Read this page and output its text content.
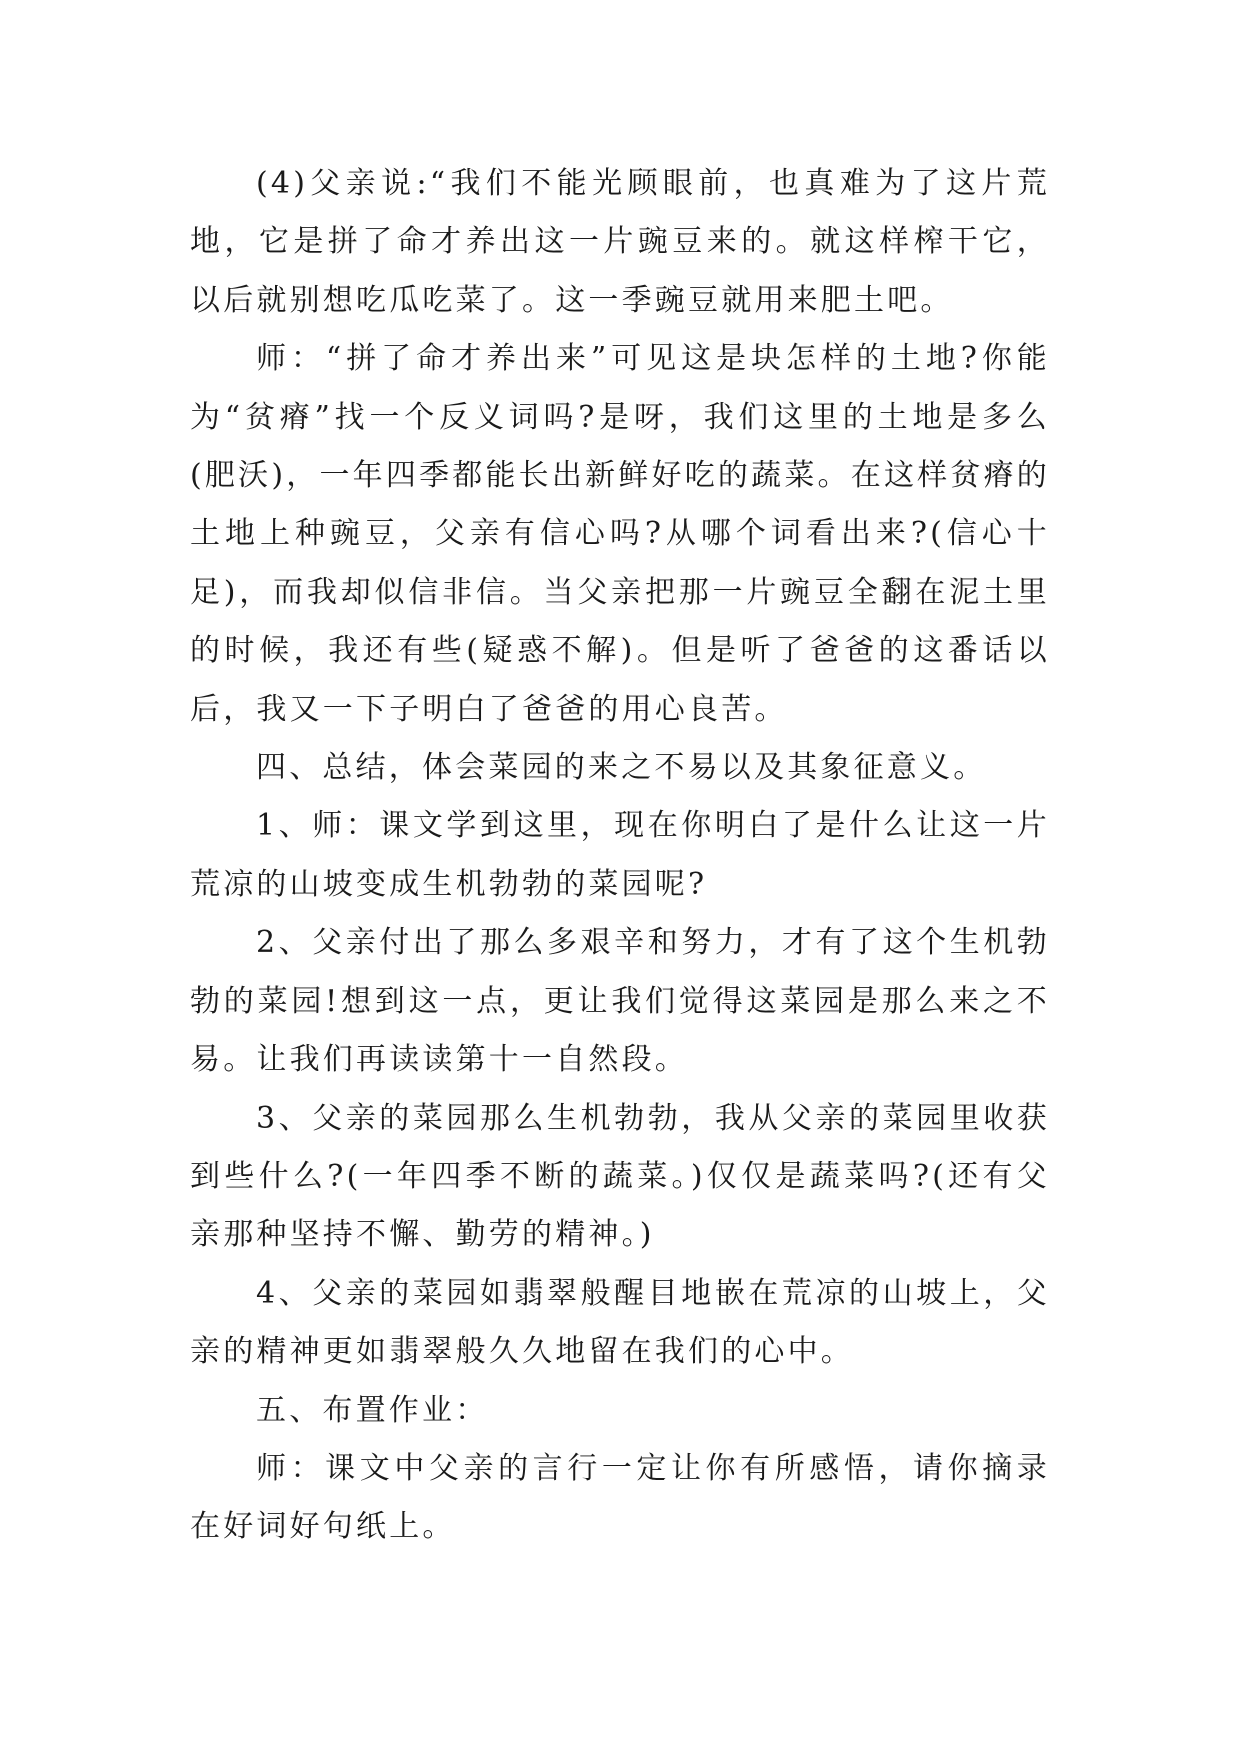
(4)父亲说:“我们不能光顾眼前，也真难为了这片荒地，它是拼了命才养出这一片豌豆来的。就这样榨干它，以后就别想吃瓜吃菜了。这一季豌豆就用来肥土吧。

师：“拼了命才养出来”可见这是块怎样的土地?你能为“贫瘠”找一个反义词吗?是呀，我们这里的土地是多么(肥沃)，一年四季都能长出新鲜好吃的蔬菜。在这样贫瘠的土地上种豌豆，父亲有信心吗?从哪个词看出来?(信心十足)，而我却似信非信。当父亲把那一片豌豆全翻在泥土里的时候，我还有些(疑惑不解)。但是听了爸爸的这番话以后，我又一下子明白了爸爸的用心良苦。

四、总结，体会菜园的来之不易以及其象征意义。

1、师：课文学到这里，现在你明白了是什么让这一片荒凉的山坡变成生机勃勃的菜园呢?

2、父亲付出了那么多艰辛和努力，才有了这个生机勃勃的菜园!想到这一点，更让我们觉得这菜园是那么来之不易。让我们再读读第十一自然段。

3、父亲的菜园那么生机勃勃，我从父亲的菜园里收获到些什么?(一年四季不断的蔬菜。)仅仅是蔬菜吗?(还有父亲那种坚持不懈、勤劳的精神。)

4、父亲的菜园如翡翠般醒目地嵌在荒凉的山坡上，父亲的精神更如翡翠般久久地留在我们的心中。

五、布置作业：

师：课文中父亲的言行一定让你有所感悟，请你摘录在好词好句纸上。
